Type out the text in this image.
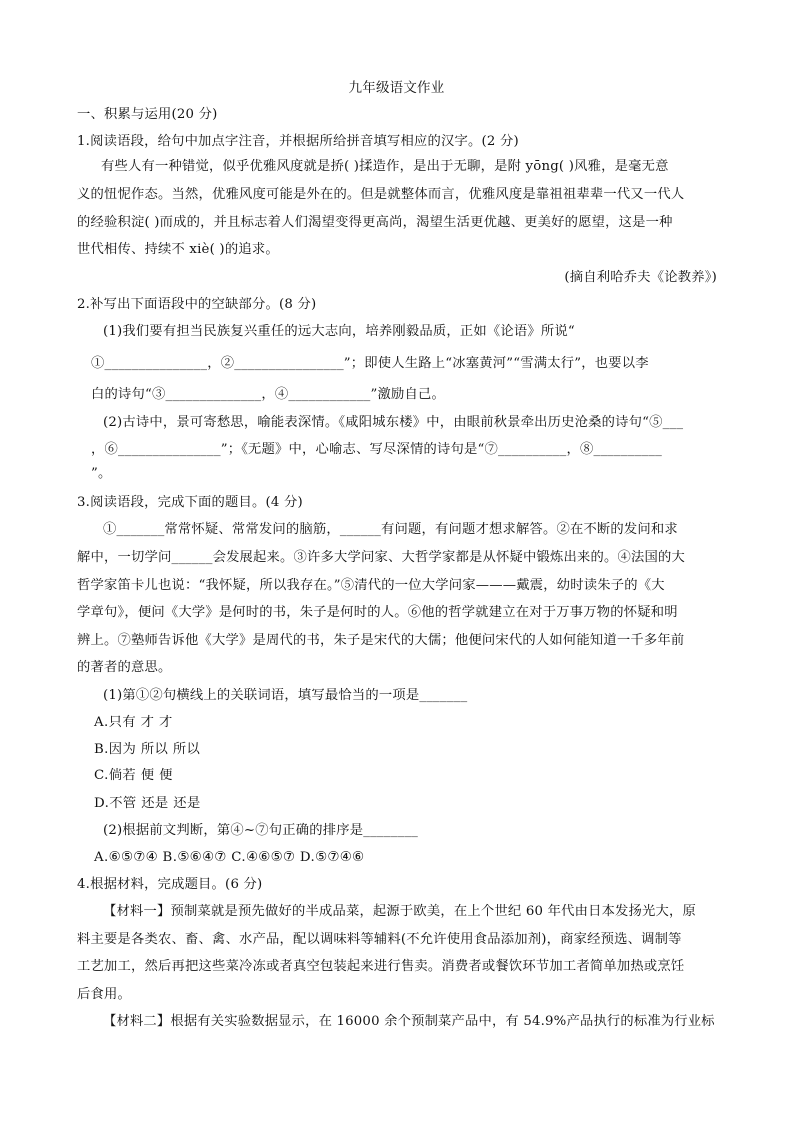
九年级语文作业
一、积累与运用(20 分)
1.阅读语段，给句中加点字注音，并根据所给拼音填写相应的汉字。(2 分)
有些人有一种错觉，似乎优雅风度就是挢( )揉造作，是出于无聊，是附 yōng( )风雅，是毫无意
义的忸怩作态。当然，优雅风度可能是外在的。但是就整体而言，优雅风度是靠祖祖辈辈一代又一代人
的经验积淀( )而成的，并且标志着人们渴望变得更高尚，渴望生活更优越、更美好的愿望，这是一种
世代相传、持续不 xiè( )的追求。
(摘自利哈乔夫《论教养》)
2.补写出下面语段中的空缺部分。(8 分)
(1)我们要有担当民族复兴重任的远大志向，培养刚毅品质，正如《论语》所说“
①_______________，②________________”；即使人生路上“冰塞黄河”“雪满太行”，也要以李
白的诗句“③______________，④____________”激励自己。
(2)古诗中，景可寄愁思，喻能表深情。《咸阳城东楼》中，由眼前秋景牵出历史沧桑的诗句“⑤___
，⑥_______________”；《无题》中，心喻志、写尽深情的诗句是“⑦__________，⑧__________
”。
3.阅读语段，完成下面的题目。(4 分)
①_______常常怀疑、常常发问的脑筋，______有问题，有问题才想求解答。②在不断的发问和求
解中，一切学问______会发展起来。③许多大学问家、大哲学家都是从怀疑中锻炼出来的。④法国的大
哲学家笛卡儿也说：“我怀疑，所以我存在。”⑤清代的一位大学问家———戴震，幼时读朱子的《大
学章句》，便问《大学》是何时的书，朱子是何时的人。⑥他的哲学就建立在对于万事万物的怀疑和明
辨上。⑦塾师告诉他《大学》是周代的书，朱子是宋代的大儒；他便问宋代的人如何能知道一千多年前
的著者的意思。
(1)第①②句横线上的关联词语，填写最恰当的一项是_______
A.只有 才 才
B.因为 所以 所以
C.倘若 便 便
D.不管 还是 还是
(2)根据前文判断，第④~⑦句正确的排序是________
A.⑥⑤⑦④ B.⑤⑥④⑦ C.④⑥⑤⑦ D.⑤⑦④⑥
4.根据材料，完成题目。(6 分)
【材料一】预制菜就是预先做好的半成品菜，起源于欧美，在上个世纪 60 年代由日本发扬光大，原
料主要是各类农、畜、禽、水产品，配以调味料等辅料(不允许使用食品添加剂)，商家经预选、调制等
工艺加工，然后再把这些菜冷冻或者真空包装起来进行售卖。消费者或餐饮环节加工者简单加热或烹饪
后食用。
【材料二】根据有关实验数据显示，在 16000 余个预制菜产品中，有 54.9%产品执行的标准为行业标
